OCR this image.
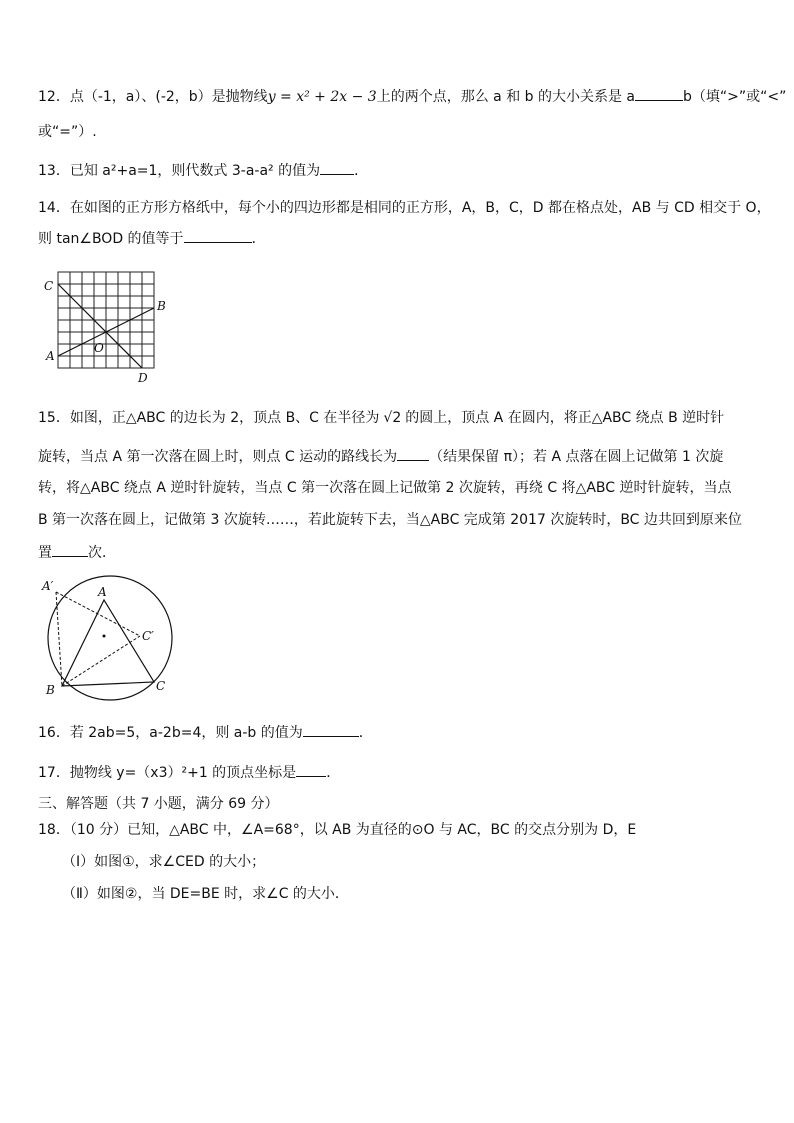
12．点（-1，a）、(-2，b）是抛物线y = x² + 2x − 3上的两个点，那么 a 和 b 的大小关系是 a	b（填“>”或“<”
或“=”）.
13．已知 a²+a=1，则代数式 3-a-a² 的值为 ．
14．在如图的正方形方格纸中，每个小的四边形都是相同的正方形，A，B，C，D 都在格点处，AB 与 CD 相交于 O，
则 tan∠BOD 的值等于	．
C
B
A
O
D
15．如图，正△ABC 的边长为 2，顶点 B、C 在半径为 √2 的圆上，顶点 A 在圆内，将正△ABC 绕点 B 逆时针
旋转，当点 A 第一次落在圆上时，则点 C 运动的路线长为 （结果保留 π）；若 A 点落在圆上记做第 1 次旋
转，将△ABC 绕点 A 逆时针旋转，当点 C 第一次落在圆上记做第 2 次旋转，再绕 C 将△ABC 逆时针旋转，当点
B 第一次落在圆上，记做第 3 次旋转……，若此旋转下去，当△ABC 完成第 2017 次旋转时，BC 边共回到原来位
置	次．
A′	A
C′
B	C
16．若 2ab=5，a-2b=4，则 a-b 的值为	．
17．抛物线 y=（x3）²+1 的顶点坐标是 ．
三、解答题（共 7 小题，满分 69 分）
18．（10 分）已知，△ABC 中，∠A=68°，以 AB 为直径的⊙O 与 AC，BC 的交点分别为 D，E
（Ⅰ）如图①，求∠CED 的大小；
（Ⅱ）如图②，当 DE=BE 时，求∠C 的大小．
